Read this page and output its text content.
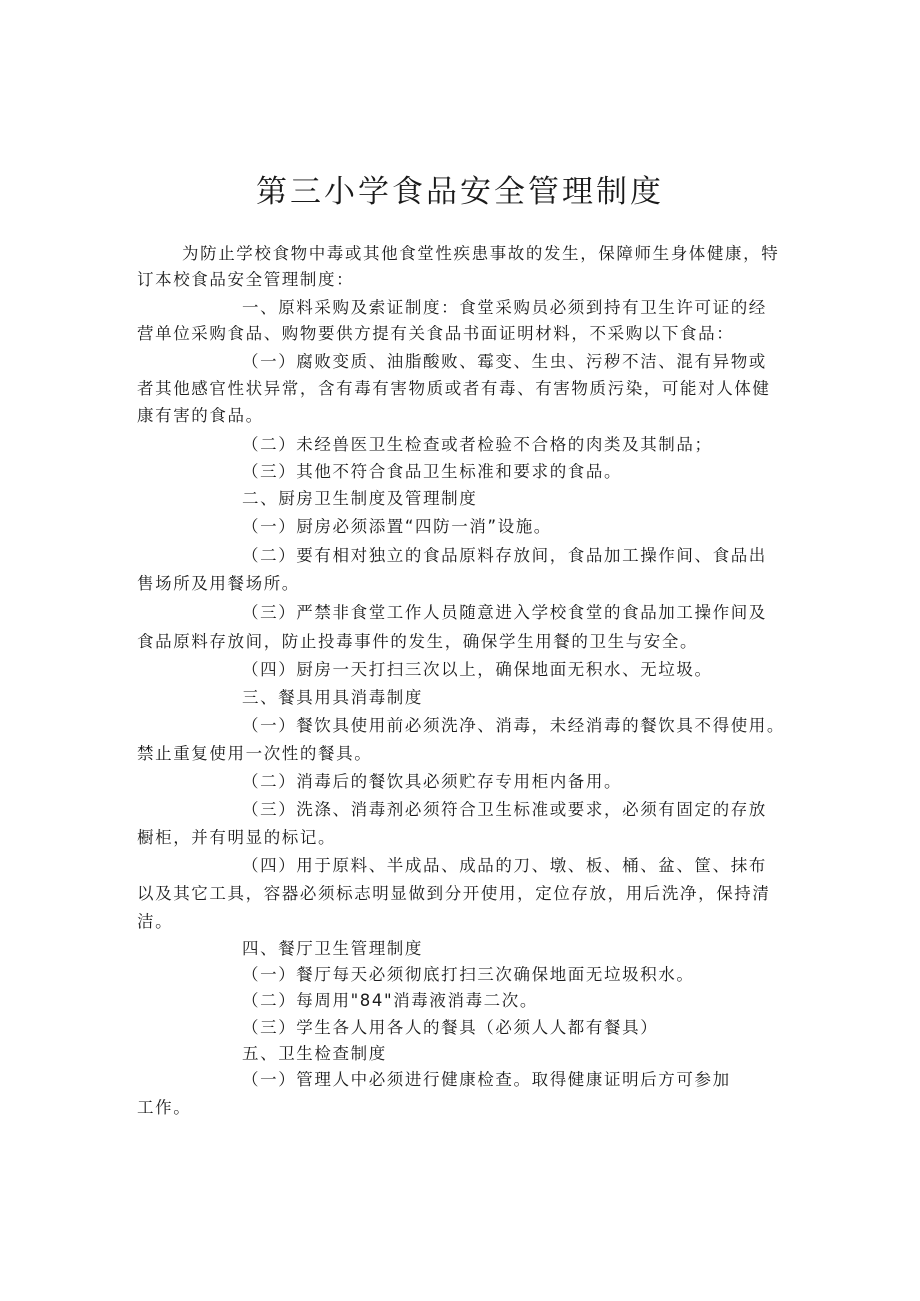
第三小学食品安全管理制度
为防止学校食物中毒或其他食堂性疾患事故的发生，保障师生身体健康，特
订本校食品安全管理制度：
一、原料采购及索证制度：食堂采购员必须到持有卫生许可证的经
营单位采购食品、购物要供方提有关食品书面证明材料，不采购以下食品：
（一）腐败变质、油脂酸败、霉变、生虫、污秽不洁、混有异物或
者其他感官性状异常，含有毒有害物质或者有毒、有害物质污染，可能对人体健
康有害的食品。
（二）未经兽医卫生检查或者检验不合格的肉类及其制品；
（三）其他不符合食品卫生标准和要求的食品。
二、厨房卫生制度及管理制度
（一）厨房必须添置“四防一消”设施。
（二）要有相对独立的食品原料存放间，食品加工操作间、食品出
售场所及用餐场所。
（三）严禁非食堂工作人员随意进入学校食堂的食品加工操作间及
食品原料存放间，防止投毒事件的发生，确保学生用餐的卫生与安全。
（四）厨房一天打扫三次以上，确保地面无积水、无垃圾。
三、餐具用具消毒制度
（一）餐饮具使用前必须洗净、消毒，未经消毒的餐饮具不得使用。
禁止重复使用一次性的餐具。
（二）消毒后的餐饮具必须贮存专用柜内备用。
（三）洗涤、消毒剂必须符合卫生标准或要求，必须有固定的存放
橱柜，并有明显的标记。
（四）用于原料、半成品、成品的刀、墩、板、桶、盆、筐、抹布
以及其它工具，容器必须标志明显做到分开使用，定位存放，用后洗净，保持清
洁。
四、餐厅卫生管理制度
（一）餐厅每天必须彻底打扫三次确保地面无垃圾积水。
（二）每周用"84"消毒液消毒二次。
（三）学生各人用各人的餐具（必须人人都有餐具）
五、卫生检查制度
（一）管理人中必须进行健康检查。取得健康证明后方可参加
工作。
